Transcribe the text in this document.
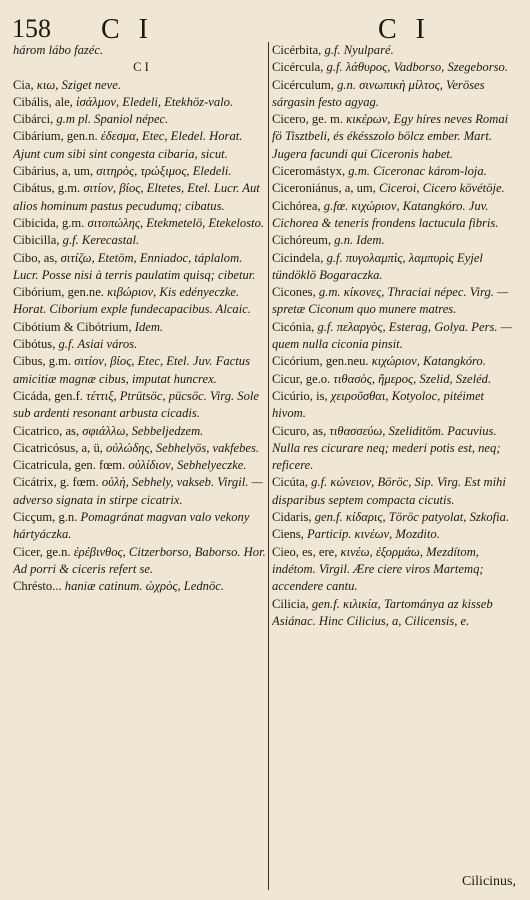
158 C I	C I

három lábo fazéc.

C I

Cia, κιω, Sziget neve.

Cibális, ale, ἰσάλμον, Eledeli, Etekhöz-valo.

Cibárci, g.m pl. Spaniol népec.

Cibárium, gen.n. ἐδεσμα, Etec, Eledel. Horat. Ajunt cum sibi sint congesta cibaria, sicut.

Cibárius, a, um, σιτηρὸς, τρώξιμος, Eledeli.

Cibátus, g.m. σιτίον, βίος, Eltetes, Etel. Lucr. Aut alios hominum pastus pecudumq; cibatus.

Cibicida, g.m. σιτοπώλης, Etekmetelö, Etekelosto.

Cibicilla, g.f. Kerecastal.

Cibo, as, σιτίζω, Etetöm, Enniadoc, táplalom. Lucr. Posse nisi à terris paulatim quisq; cibetur.

Cibórium, gen.ne. κιβώριον, Kis edényeczke. Horat. Ciborium exple fundecapacibus. Alcaic.

Cibótium & Cibótrium, Idem.

Cibótus, g.f. Asiai város.

Cibus, g.m. σιτίον, βίος, Etec, Etel. Juv. Factus amicitiæ magnæ cibus, imputat huncrex.

Cicáda, gen.f. τέττιξ, Ptrütsöc, pücsöc. Virg. Sole sub ardenti resonant arbusta cicadis.

Cicatrico, as, σφιάλλω, Sebbeljedzem.

Cicatricósus, a, ü, οὐλώδης, Sebhelyös, vakfebes.

Cicatricula, gen. fœm. οὐλίδιον, Sebhelyeczke.

Cicátrix, g. fœm. οὐλὴ, Sebhely, vakseb. Virgil. —adverso signata in stirpe cicatrix.

Cicçum, g.n. Pomagránat magvan valo vekony hártyáczka.

Cicer, ge.n. ἐρέβινθος, Citzerborso, Baborso. Hor. Ad porri & ciceris refert se.

Chrésto... haniæ catinum. ὠχρὸς, Lednöc.

Cicérbita, g.f. Nyulparé.

Cicércula, g.f. λάθυρος, Vadborso, Szegeborso.

Cicérculum, g.n. σινωπικὴ μίλτος, Veröses sárgasin festo agyag.

Cicero, ge. m. κικέρων, Egy híres neves Romai fö Tisztbeli, és ékésszolo bölcz ember. Mart. Jugera facundi qui Ciceronis habet.

Ciceromástyx, g.m. Ciceronac károm-loja.

Ciceroniánus, a, um, Ciceroi, Cicero kövétöje.

Cichórea, g.fœ. κιχώριον, Katangkóro. Juv. Cichorea & teneris frondens lactucula fibris.

Cichóreum, g.n. Idem.

Cicindela, g.f. πυγολαμπὶς, λαμπυρὶς Eyjel tündöklö Bogaraczka.

Cicones, g.m. κίκονες, Thraciai népec. Virg. —spretæ Ciconum quo munere matres.

Cicónia, g.f. πελαργὸς, Esterag, Golya. Pers. —quem nulla ciconia pinsit.

Cicórium, gen.neu. κιχώριον, Katangkóro.

Cicur, ge.o. τιθασὸς, ἥμερος, Szelid, Szeléd.

Cicúrio, is, χειροῦσθαι, Kotyoloc, pitéimet hivom.

Cicuro, as, τιθασσεύω, Szeliditöm. Pacuvius. Nulla res cicurare neq; mederi potis est, neq; reficere.

Cicúta, g.f. κώνειον, Böröc, Sip. Virg. Est mihi disparibus septem compacta cicutis.

Cidaris, gen.f. κίδαρις, Töröc patyolat, Szkofia.

Ciens, Particip. κινέων, Mozdito.

Cieo, es, ere, κινέω, ἐξορμάω, Mezdítom, indétom. Virgil. Ære ciere viros Martemq; accendere cantu.

Cilicia, gen.f. κιλικία, Tartománya az kisseb Asiánac. Hinc Cilicius, a, Cilicensis, e.

Cilicinus,
